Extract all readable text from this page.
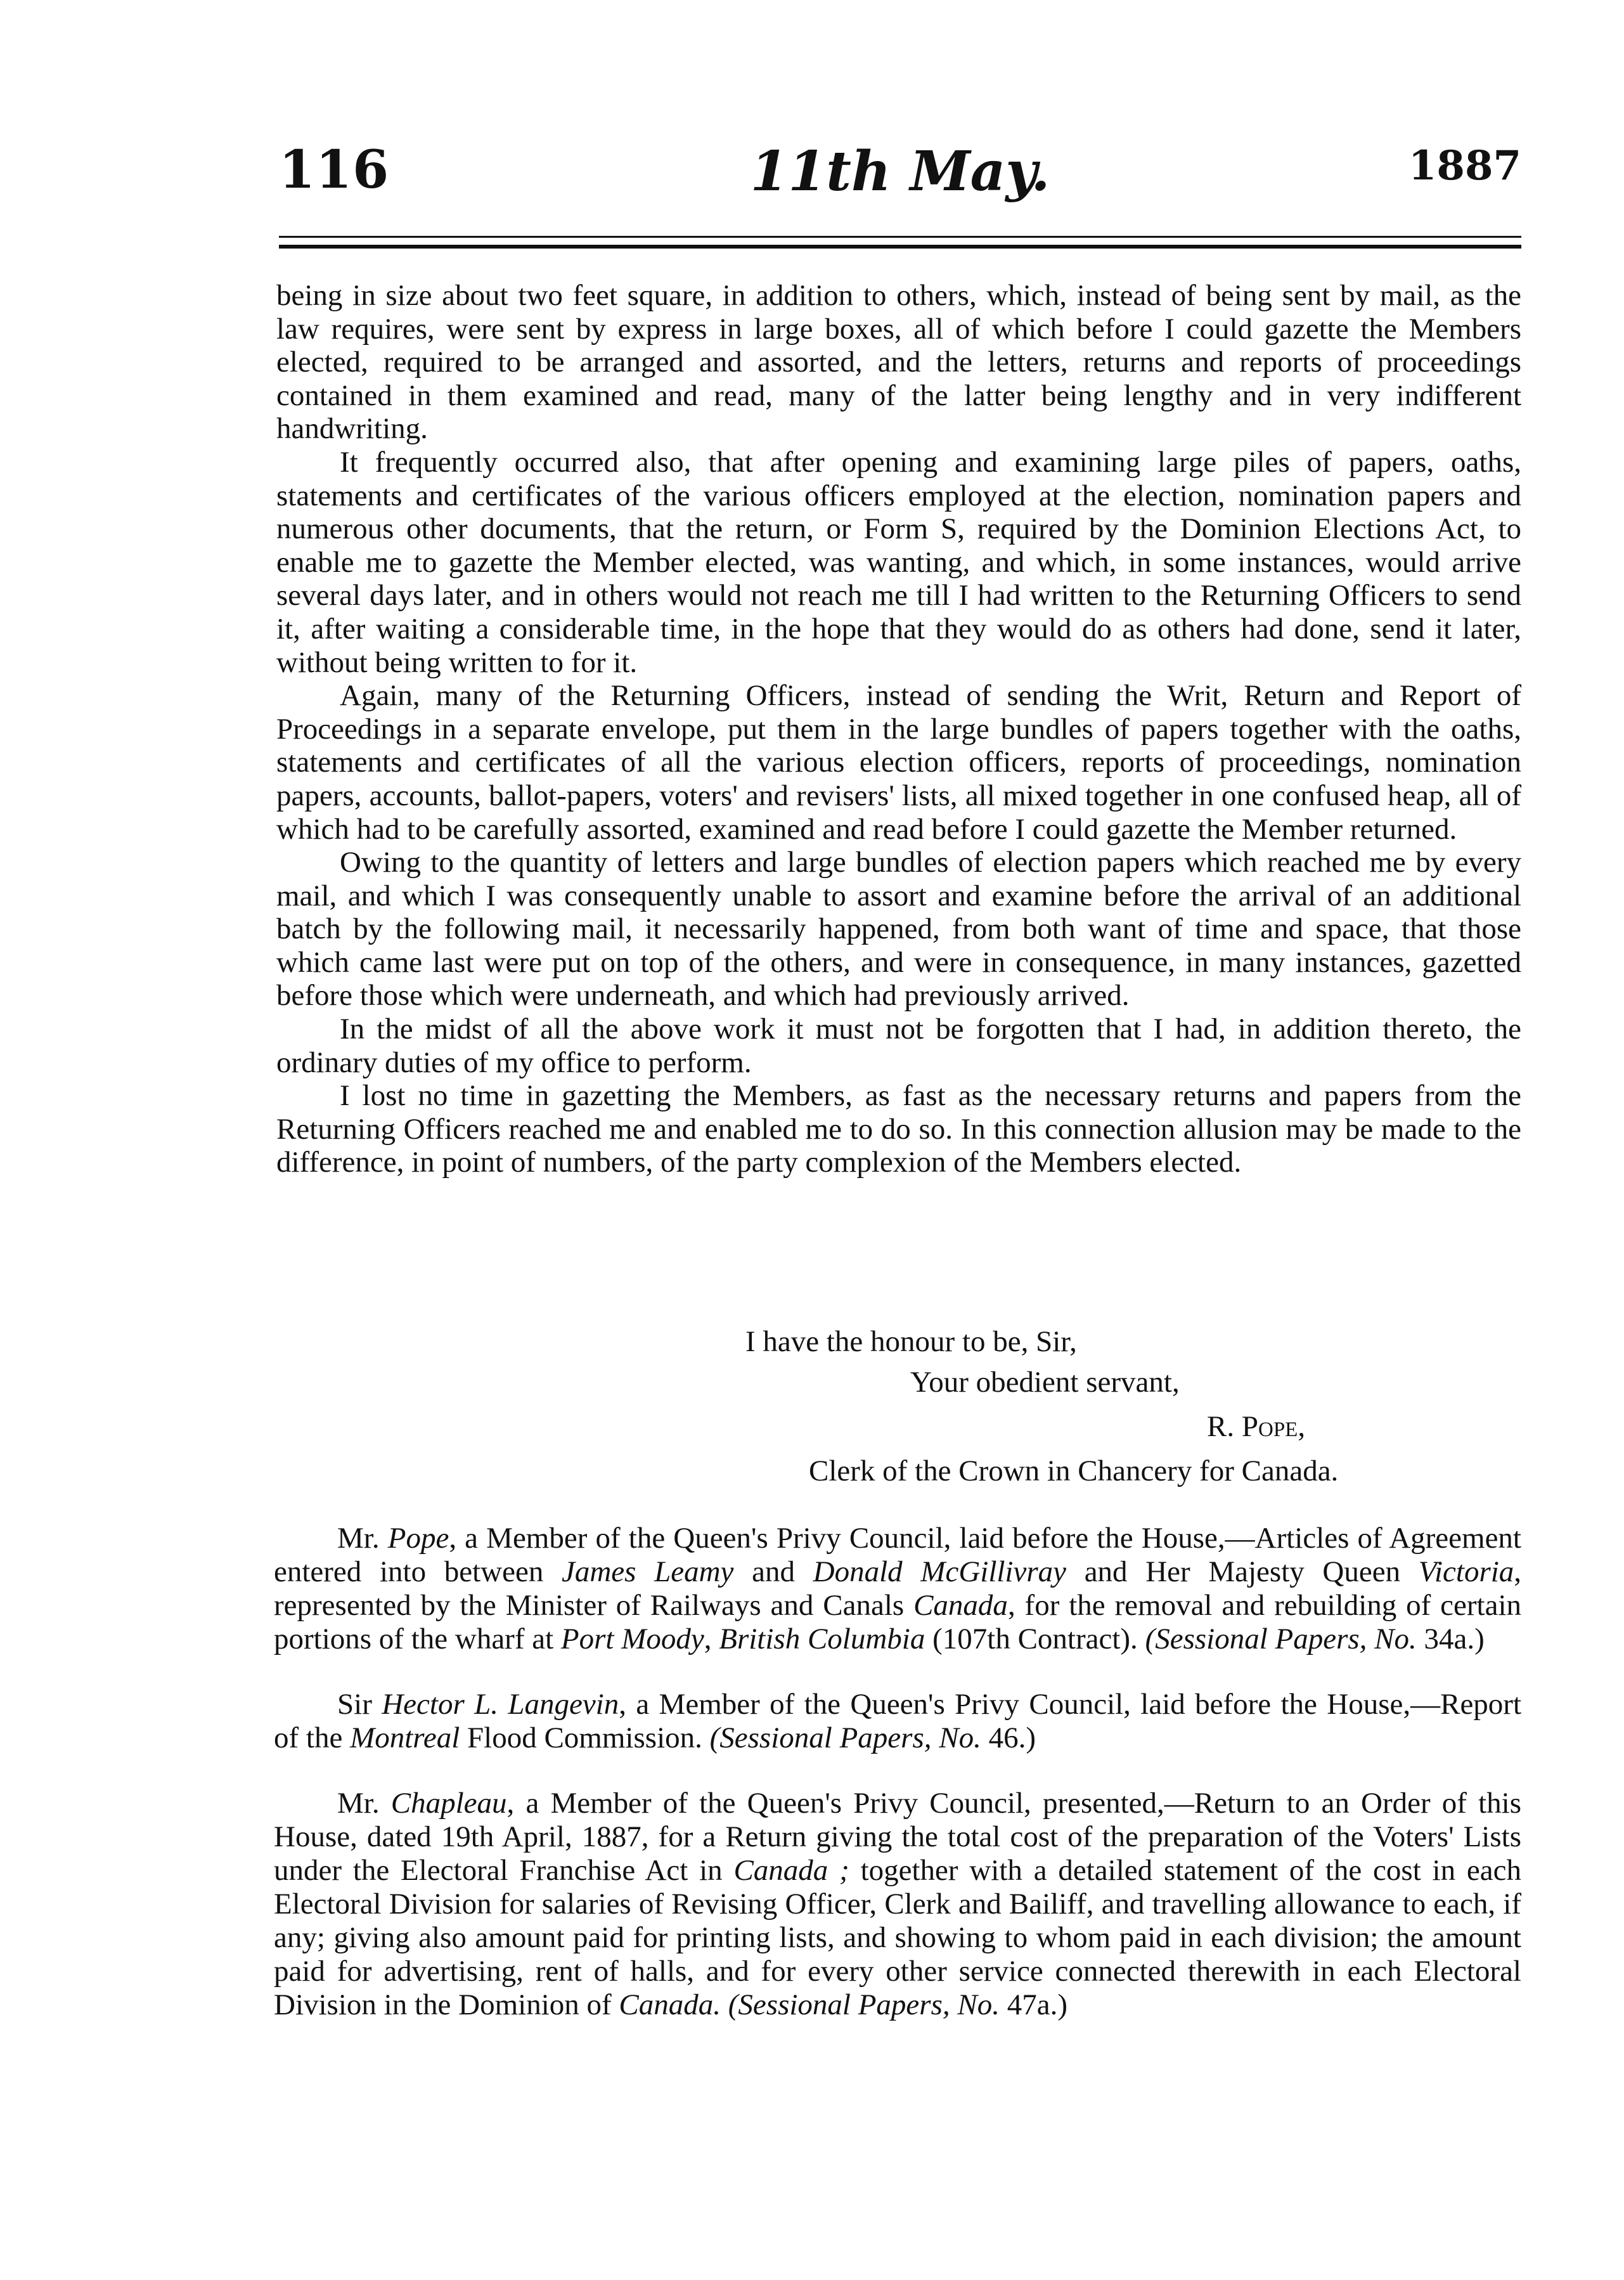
116	11th May.	1887

being in size about two feet square, in addition to others, which, instead of being sent by mail, as the law requires, were sent by express in large boxes, all of which before I could gazette the Members elected, required to be arranged and assorted, and the letters, returns and reports of proceedings contained in them examined and read, many of the latter being lengthy and in very indifferent handwriting.

It frequently occurred also, that after opening and examining large piles of papers, oaths, statements and certificates of the various officers employed at the election, nomination papers and numerous other documents, that the return, or Form S, required by the Dominion Elections Act, to enable me to gazette the Member elected, was wanting, and which, in some instances, would arrive several days later, and in others would not reach me till I had written to the Returning Officers to send it, after waiting a considerable time, in the hope that they would do as others had done, send it later, without being written to for it.

Again, many of the Returning Officers, instead of sending the Writ, Return and Report of Proceedings in a separate envelope, put them in the large bundles of papers together with the oaths, statements and certificates of all the various election officers, reports of proceedings, nomination papers, accounts, ballot-papers, voters' and revisers' lists, all mixed together in one confused heap, all of which had to be carefully assorted, examined and read before I could gazette the Member returned.

Owing to the quantity of letters and large bundles of election papers which reached me by every mail, and which I was consequently unable to assort and examine before the arrival of an additional batch by the following mail, it necessarily happened, from both want of time and space, that those which came last were put on top of the others, and were in consequence, in many instances, gazetted before those which were underneath, and which had previously arrived.

In the midst of all the above work it must not be forgotten that I had, in addition thereto, the ordinary duties of my office to perform.

I lost no time in gazetting the Members, as fast as the necessary returns and papers from the Returning Officers reached me and enabled me to do so. In this connection allusion may be made to the difference, in point of numbers, of the party complexion of the Members elected.

I have the honour to be, Sir,
Your obedient servant,
R. Pope,
Clerk of the Crown in Chancery for Canada.

Mr. Pope, a Member of the Queen's Privy Council, laid before the House,—Articles of Agreement entered into between James Leamy and Donald McGillivray and Her Majesty Queen Victoria, represented by the Minister of Railways and Canals Canada, for the removal and rebuilding of certain portions of the wharf at Port Moody, British Columbia (107th Contract). (Sessional Papers, No. 34a.)

Sir Hector L. Langevin, a Member of the Queen's Privy Council, laid before the House,—Report of the Montreal Flood Commission. (Sessional Papers, No. 46.)

Mr. Chapleau, a Member of the Queen's Privy Council, presented,—Return to an Order of this House, dated 19th April, 1887, for a Return giving the total cost of the preparation of the Voters' Lists under the Electoral Franchise Act in Canada ; together with a detailed statement of the cost in each Electoral Division for salaries of Revising Officer, Clerk and Bailiff, and travelling allowance to each, if any; giving also amount paid for printing lists, and showing to whom paid in each division; the amount paid for advertising, rent of halls, and for every other service connected therewith in each Electoral Division in the Dominion of Canada. (Sessional Papers, No. 47a.)
